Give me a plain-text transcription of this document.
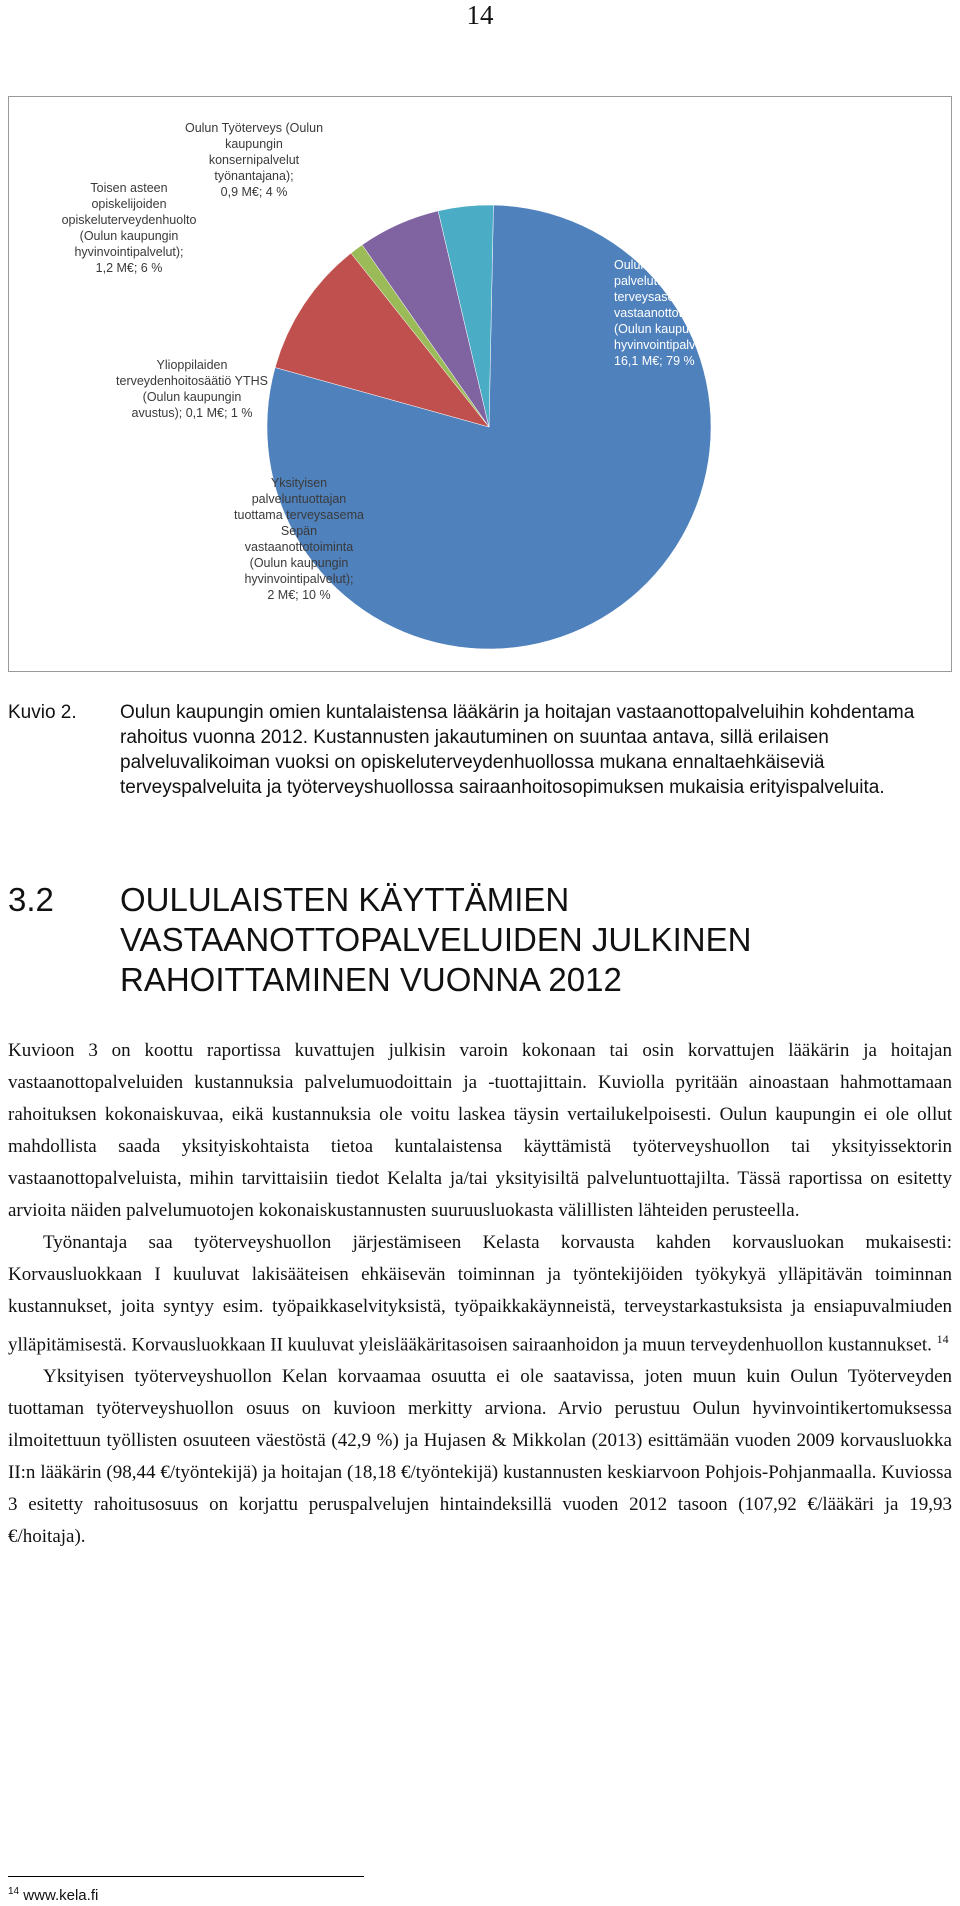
14
Oulun kaupungin oman palvelutuotannon terveysasemien vastaanottotoiminta (Oulun kaupungin hyvinvointipalvelut); 16,1 M€; 79 %
Yksityisen palveluntuottajan tuottama terveysasema Sepän vastaanottotoiminta (Oulun kaupungin hyvinvointipalvelut); 2 M€; 10 %
Ylioppilaiden terveydenhoitosäätiö YTHS (Oulun kaupungin avustus); 0,1 M€; 1 %
Toisen asteen opiskelijoiden opiskeluterveydenhuolto (Oulun kaupungin hyvinvointipalvelut); 1,2 M€; 6 %
Oulun Työterveys (Oulun kaupungin konsernipalvelut työnantajana); 0,9 M€; 4 %
Kuvio 2. Oulun kaupungin omien kuntalaistensa lääkärin ja hoitajan vastaanottopalveluihin kohdentama rahoitus vuonna 2012. Kustannusten jakautuminen on suuntaa antava, sillä erilaisen palveluvalikoiman vuoksi on opiskeluterveydenhuollossa mukana ennaltaehkäiseviä terveyspalveluita ja työterveyshuollossa sairaanhoitosopimuksen mukaisia erityispalveluita.
3.2 OULULAISTEN KÄYTTÄMIEN VASTAANOTTOPALVELUIDEN JULKINEN RAHOITTAMINEN VUONNA 2012

Kuvioon 3 on koottu raportissa kuvattujen julkisin varoin kokonaan tai osin korvattujen lääkärin ja hoitajan vastaanottopalveluiden kustannuksia palvelumuodoittain ja -tuottajittain. Kuviolla pyritään ainoastaan hahmottamaan rahoituksen kokonaiskuvaa, eikä kustannuksia ole voitu laskea täysin vertailukelpoisesti. Oulun kaupungin ei ole ollut mahdollista saada yksityiskohtaista tietoa kuntalaistensa käyttämistä työterveyshuollon tai yksityissektorin vastaanottopalveluista, mihin tarvittaisiin tiedot Kelalta ja/tai yksityisiltä palveluntuottajilta. Tässä raportissa on esitetty arvioita näiden palvelumuotojen kokonaiskustannusten suuruusluokasta välillisten lähteiden perusteella.

Työnantaja saa työterveyshuollon järjestämiseen Kelasta korvausta kahden korvausluokan mukaisesti: Korvausluokkaan I kuuluvat lakisääteisen ehkäisevän toiminnan ja työntekijöiden työkykyä ylläpitävän toiminnan kustannukset, joita syntyy esim. työpaikkaselvityksistä, työpaikkakäynneistä, terveystarkastuksista ja ensiapuvalmiuden ylläpitämisestä. Korvausluokkaan II kuuluvat yleislääkäritasoisen sairaanhoidon ja muun terveydenhuollon kustannukset. $^{14}$

Yksityisen työterveyshuollon Kelan korvaamaa osuutta ei ole saatavissa, joten muun kuin Oulun Työterveyden tuottaman työterveyshuollon osuus on kuvioon merkitty arviona. Arvio perustuu Oulun hyvinvointikertomuksessa ilmoitettuun työllisten osuuteen väestöstä (42,9 %) ja Hujasen & Mikkolan (2013) esittämään vuoden 2009 korvausluokka II:n lääkärin (98,44 €/työntekijä) ja hoitajan (18,18 €/työntekijä) kustannusten keskiarvoon Pohjois-Pohjanmaalla. Kuviossa 3 esitetty rahoitusosuus on korjattu peruspalvelujen hintaindeksillä vuoden 2012 tasoon (107,92 €/lääkäri ja 19,93 €/hoitaja).

$^{14}$ www.kela.fi
